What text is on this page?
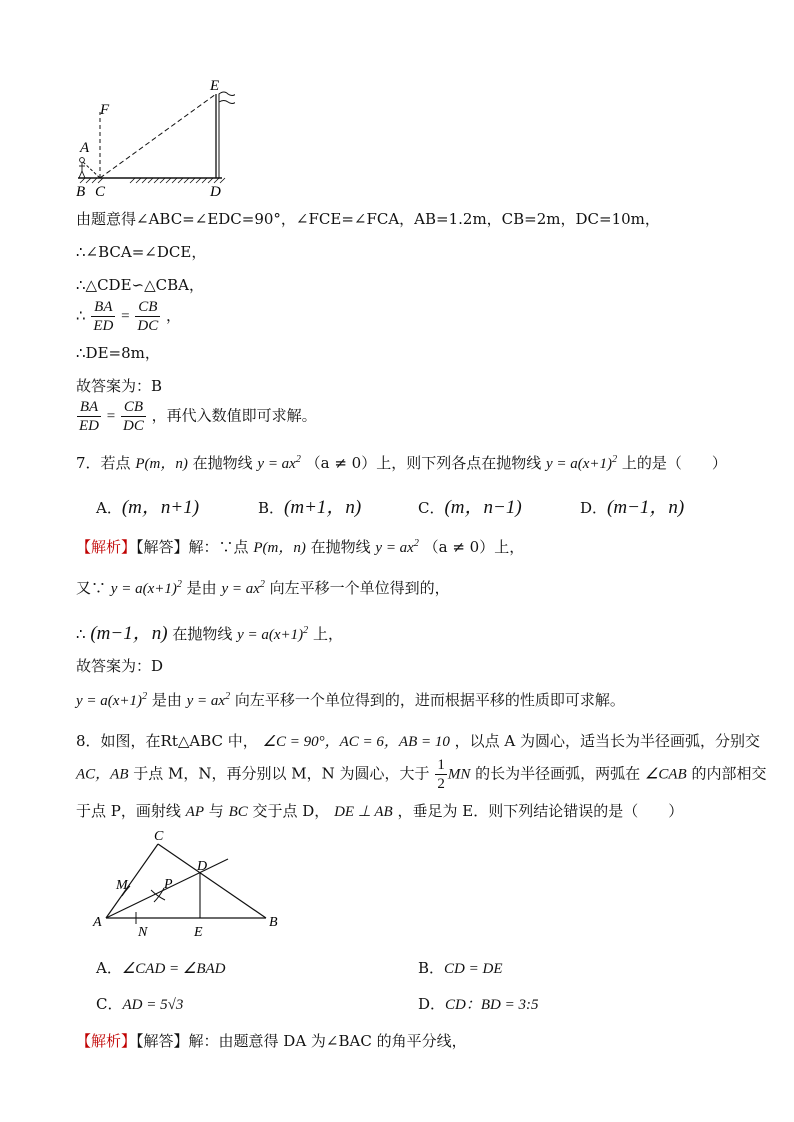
E
F
A
B C	D
由题意得∠ABC=∠EDC=90°，∠FCE=∠FCA，AB=1.2m，CB=2m，DC=10m，
∴∠BCA=∠DCE，
∴△CDE∽△CBA，
∴ $\frac{BA}{ED} = \frac{CB}{DC}$ ，
∴DE=8m，
故答案为：B
$\frac{BA}{ED} = \frac{CB}{DC}$ ，再代入数值即可求解。
7．若点 P(m，n) 在抛物线 $y = ax^2$ （a ≠ 0）上，则下列各点在抛物线 $y = a(x+1)^2$ 上的是（　　）
A．(m，n+1)	B．(m+1，n)	C．(m，n−1)	D．(m−1，n)
【解析】【解答】解：∵点 P(m，n) 在抛物线 $y = ax^2$ （a ≠ 0）上，
又∵ $y = a(x+1)^2$ 是由 $y = ax^2$ 向左平移一个单位得到的，
∴ (m−1，n) 在抛物线 $y = a(x+1)^2$ 上，
故答案为：D
$y = a(x+1)^2$ 是由 $y = ax^2$ 向左平移一个单位得到的，进而根据平移的性质即可求解。
8．如图，在Rt△ABC 中， ∠C = 90°，AC = 6，AB = 10 ，以点 A 为圆心，适当长为半径画弧，分别交
AC，AB 于点 M，N，再分别以 M，N 为圆心，大于 $\frac{1}{2}$ MN 的长为半径画弧，两弧在 ∠CAB 的内部相交
于点 P，画射线 AP 与 BC 交于点 D， DE ⊥ AB ，垂足为 E．则下列结论错误的是（　　）
C
D
M	P
A
N	E
B
A．∠CAD = ∠BAD	B．CD = DE
C．AD = 5√3	D．CD：BD = 3:5
【解析】【解答】解：由题意得 DA 为∠BAC 的角平分线，
